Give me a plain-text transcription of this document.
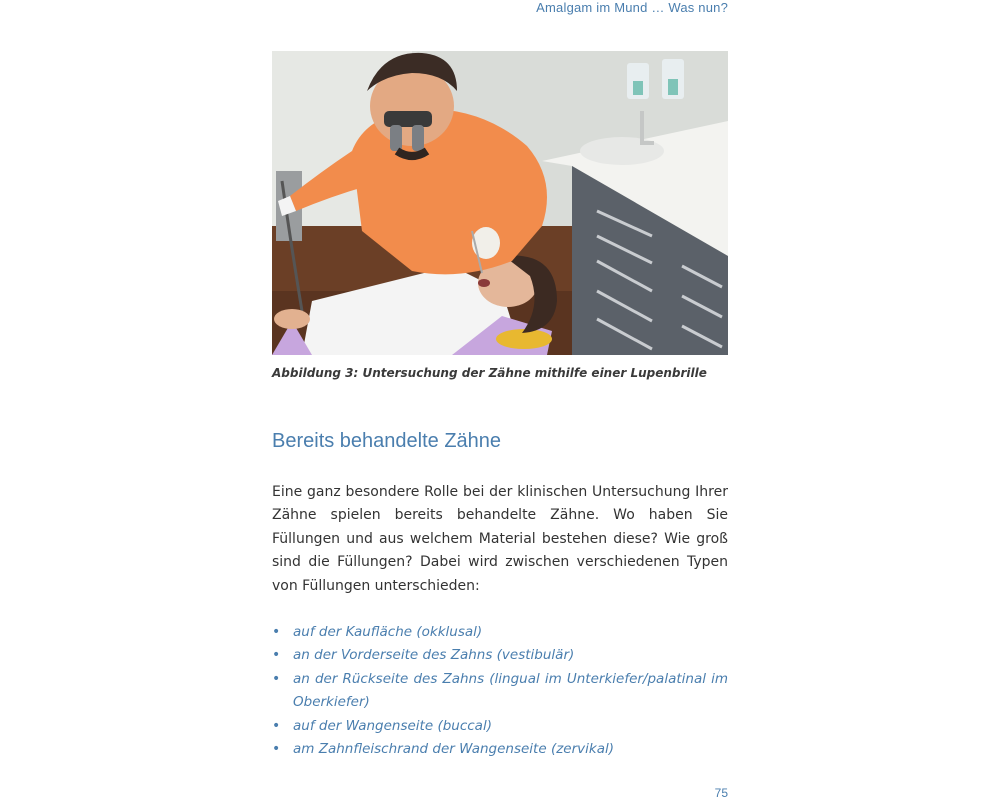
Amalgam im Mund … Was nun?
Abbildung 3: Untersuchung der Zähne mithilfe einer Lupenbrille
Bereits behandelte Zähne

Eine ganz besondere Rolle bei der klinischen Untersuchung Ihrer Zähne spielen bereits behandelte Zähne. Wo haben Sie Füllungen und aus welchem Material bestehen diese? Wie groß sind die Füllungen? Dabei wird zwischen verschiedenen Typen von Füllungen unterschieden:

• auf der Kaufläche (okklusal)
• an der Vorderseite des Zahns (vestibulär)
• an der Rückseite des Zahns (lingual im Unterkiefer/palatinal im Oberkiefer)
• auf der Wangenseite (buccal)
• am Zahnfleischrand der Wangenseite (zervikal)
75
